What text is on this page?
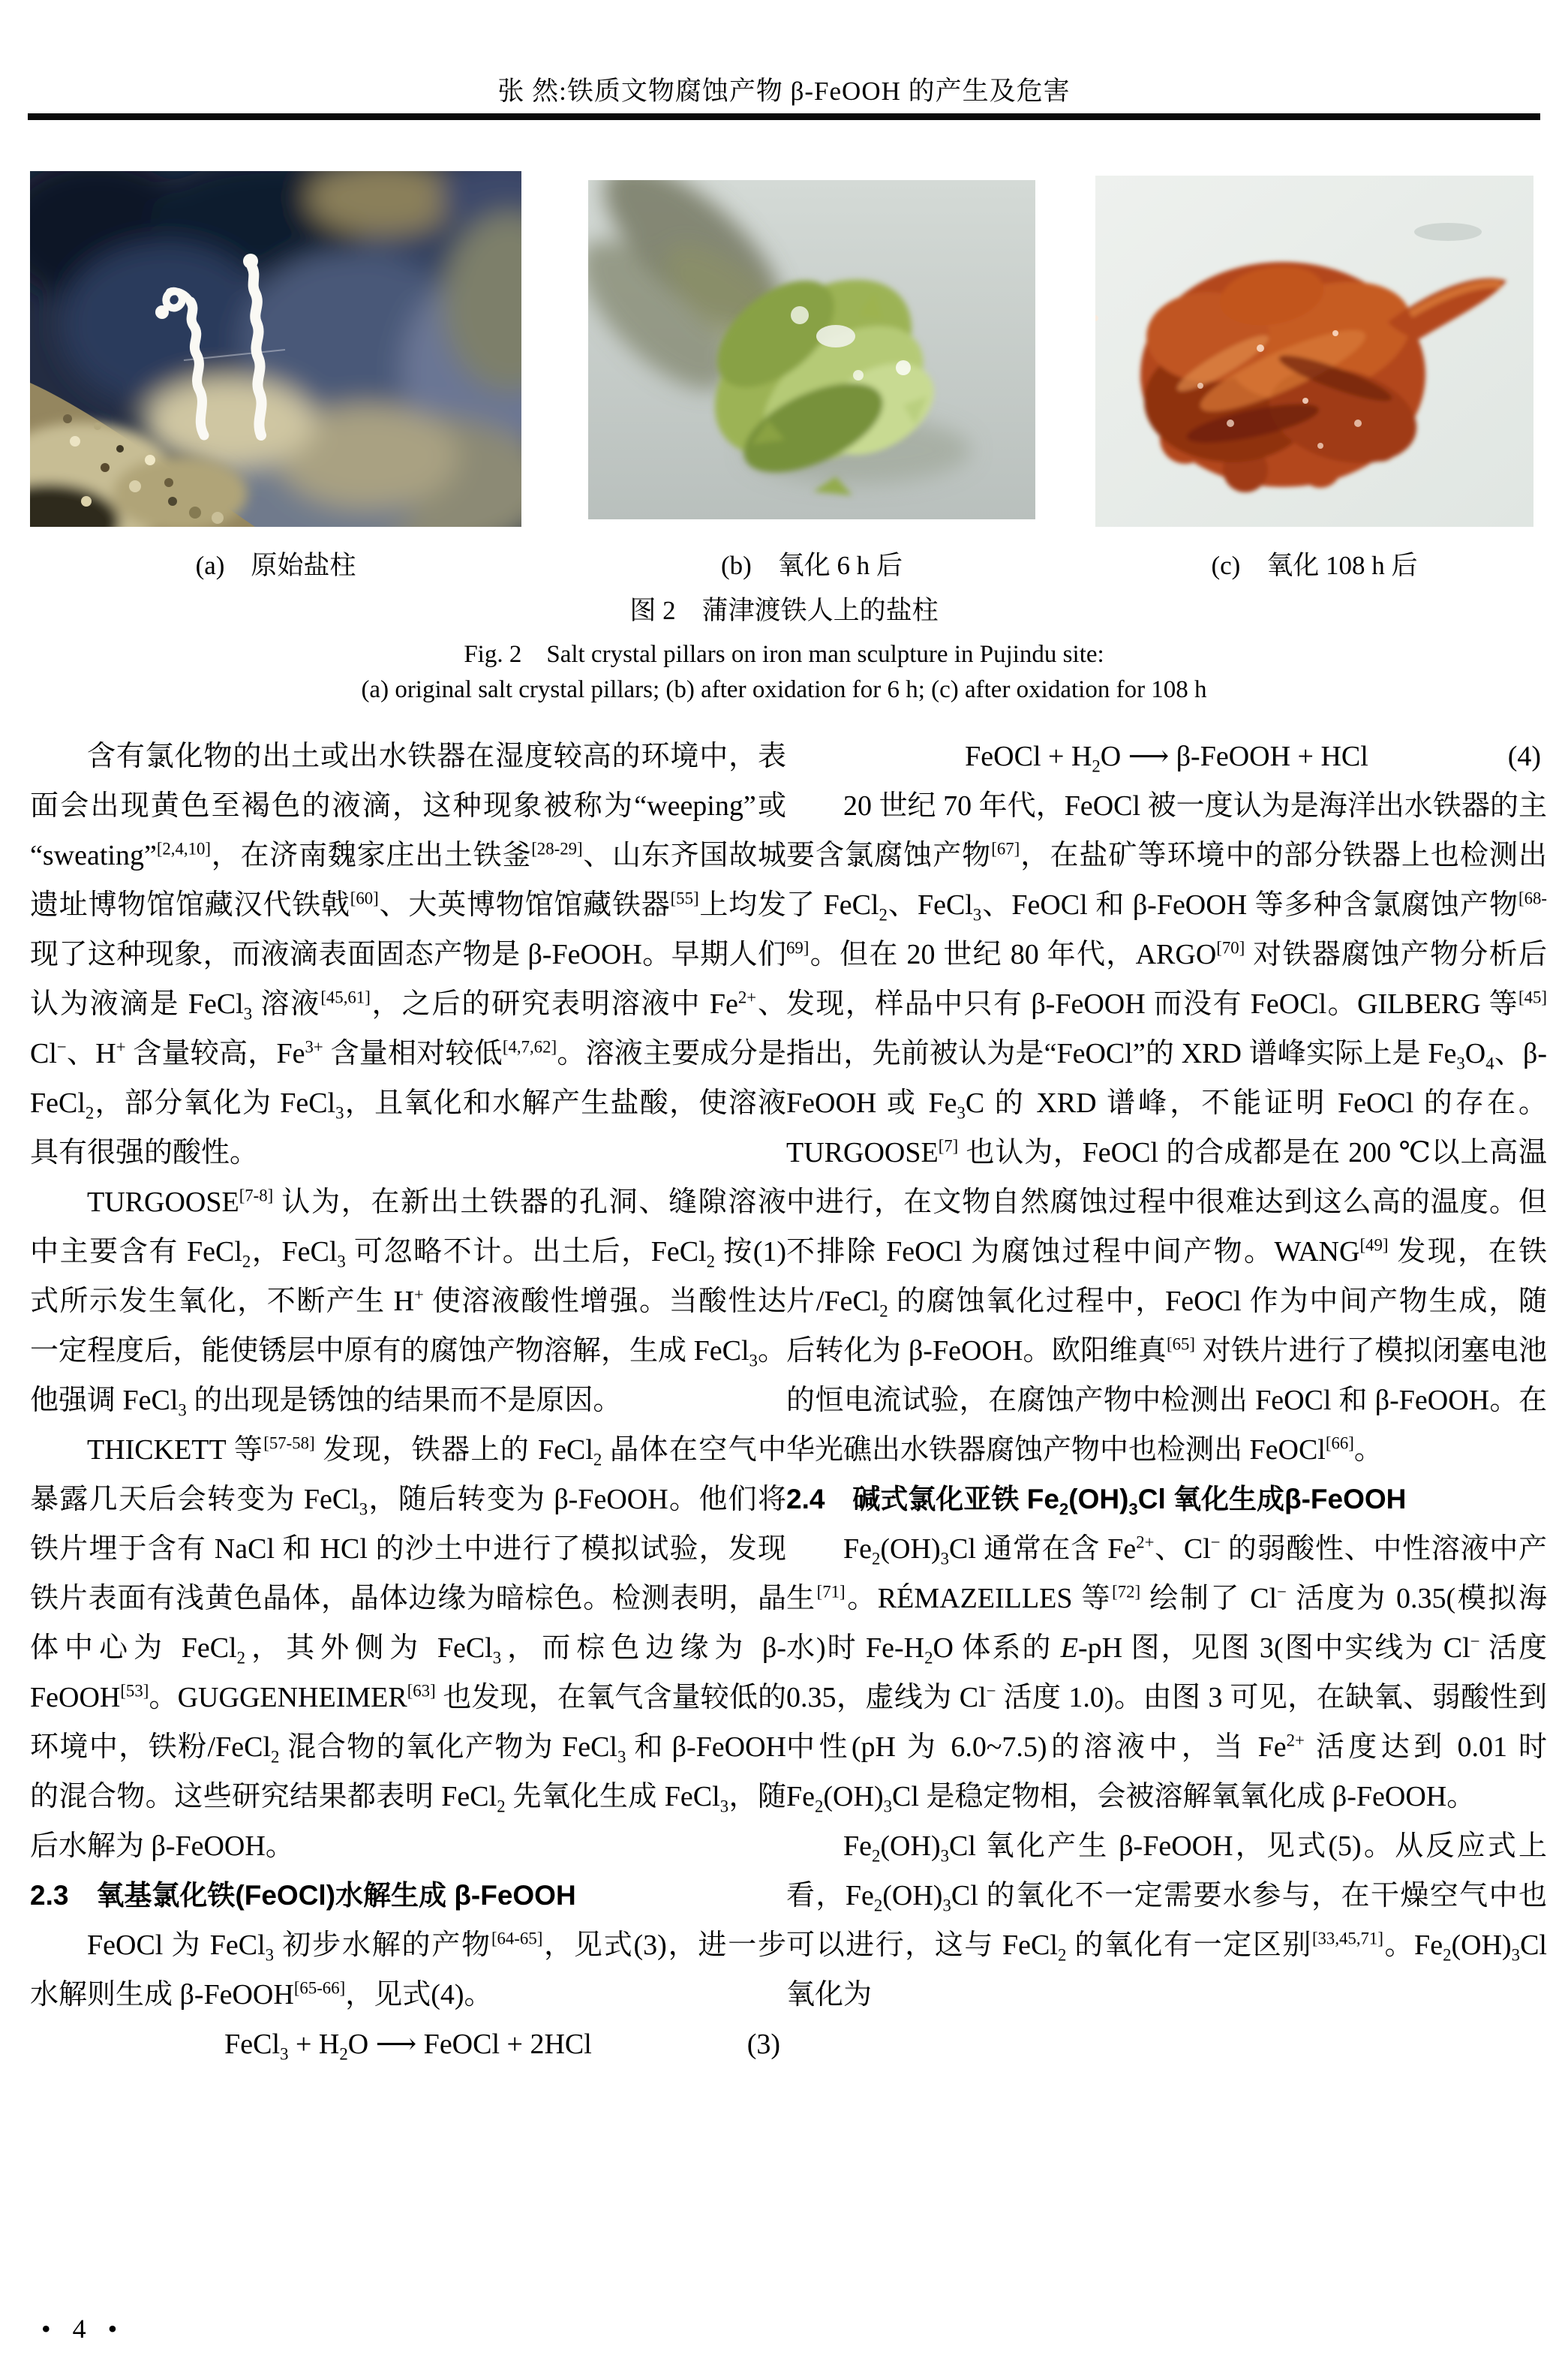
张 然:铁质文物腐蚀产物 β-FeOOH 的产生及危害
(a)　原始盐柱	(b)　氧化 6 h 后	(c)　氧化 108 h 后
图 2　蒲津渡铁人上的盐柱
Fig. 2　Salt crystal pillars on iron man sculpture in Pujindu site:
(a) original salt crystal pillars; (b) after oxidation for 6 h; (c) after oxidation for 108 h

含有氯化物的出土或出水铁器在湿度较高的环境中，表面会出现黄色至褐色的液滴，这种现象被称为“weeping”或“sweating”[2,4,10]，在济南魏家庄出土铁釜[28-29]、山东齐国故城遗址博物馆馆藏汉代铁戟[60]、大英博物馆馆藏铁器[55]上均发现了这种现象，而液滴表面固态产物是 β-FeOOH。早期人们认为液滴是 FeCl$_3$ 溶液[45,61]，之后的研究表明溶液中 $Fe^{2+}$、Cl−、H+ 含量较高，$Fe^{3+}$ 含量相对较低[4,7,62]。溶液主要成分是 FeCl$_2$，部分氧化为 FeCl$_3$，且氧化和水解产生盐酸，使溶液具有很强的酸性。

TURGOOSE[7-8] 认为，在新出土铁器的孔洞、缝隙溶液中主要含有 FeCl$_2$，FeCl$_3$ 可忽略不计。出土后，FeCl$_2$ 按(1)式所示发生氧化，不断产生 H+ 使溶液酸性增强。当酸性达一定程度后，能使锈层中原有的腐蚀产物溶解，生成 FeCl$_3$。他强调 FeCl$_3$ 的出现是锈蚀的结果而不是原因。

THICKETT 等[57-58] 发现，铁器上的 FeCl$_2$ 晶体在空气中暴露几天后会转变为 FeCl$_3$，随后转变为 β-FeOOH。他们将铁片埋于含有 NaCl 和 HCl 的沙土中进行了模拟试验，发现铁片表面有浅黄色晶体，晶体边缘为暗棕色。检测表明，晶体中心为 FeCl$_2$，其外侧为 FeCl$_3$，而棕色边缘为 β-FeOOH[53]。GUGGENHEIMER[63] 也发现，在氧气含量较低的环境中，铁粉/FeCl$_2$ 混合物的氧化产物为 FeCl$_3$ 和 β-FeOOH 的混合物。这些研究结果都表明 FeCl$_2$ 先氧化生成 FeCl$_3$，随后水解为 β-FeOOH。

2.3　氧基氯化铁(FeOCl)水解生成 β-FeOOH

FeOCl 为 FeCl$_3$ 初步水解的产物[64-65]，见式(3)，进一步水解则生成 β-FeOOH[65-66]，见式(4)。

FeCl$_3$ + $H_2O$ ⟶ FeOCl + 2HCl	(3)
FeOCl + $H_2O$ ⟶ β-FeOOH + HCl	(4)

20 世纪 70 年代，FeOCl 被一度认为是海洋出水铁器的主要含氯腐蚀产物[67]，在盐矿等环境中的部分铁器上也检测出了 FeCl$_2$、FeCl$_3$、FeOCl 和 β-FeOOH 等多种含氯腐蚀产物[68-69]。但在 20 世纪 80 年代，ARGO[70] 对铁器腐蚀产物分析后发现，样品中只有 β-FeOOH 而没有 FeOCl。GILBERG 等[45] 指出，先前被认为是“FeOCl”的 XRD 谱峰实际上是 $Fe_3O_4$、β-FeOOH 或 $Fe_3C$ 的 XRD 谱峰，不能证明 FeOCl 的存在。TURGOOSE[7] 也认为，FeOCl 的合成都是在 200 ℃以上高温中进行，在文物自然腐蚀过程中很难达到这么高的温度。但不排除 FeOCl 为腐蚀过程中间产物。WANG[49] 发现，在铁片/FeCl$_2$ 的腐蚀氧化过程中，FeOCl 作为中间产物生成，随后转化为 β-FeOOH。欧阳维真[65] 对铁片进行了模拟闭塞电池的恒电流试验，在腐蚀产物中检测出 FeOCl 和 β-FeOOH。在华光礁出水铁器腐蚀产物中也检测出 FeOCl[66]。

2.4　碱式氯化亚铁 $Fe_2(OH)_3Cl$ 氧化生成β-FeOOH

$Fe_2(OH)_3Cl$ 通常在含 $Fe^{2+}$、Cl− 的弱酸性、中性溶液中产生[71]。RÉMAZEILLES 等[72] 绘制了 Cl− 活度为 0.35(模拟海水)时 $Fe-H_2O$ 体系的 E-pH 图，见图 3(图中实线为 Cl− 活度 0.35，虚线为 Cl− 活度 1.0)。由图 3 可见，在缺氧、弱酸性到中性(pH 为 6.0~7.5)的溶液中，当 $Fe^{2+}$ 活度达到 0.01 时 $Fe_2(OH)_3Cl$ 是稳定物相，会被溶解氧氧化成 β-FeOOH。

$Fe_2(OH)_3Cl$ 氧化产生 β-FeOOH，见式(5)。从反应式上看，$Fe_2(OH)_3Cl$ 的氧化不一定需要水参与，在干燥空气中也可以进行，这与 FeCl$_2$ 的氧化有一定区别[33,45,71]。$Fe_2(OH)_3Cl$ 氧化为

• 4 •
